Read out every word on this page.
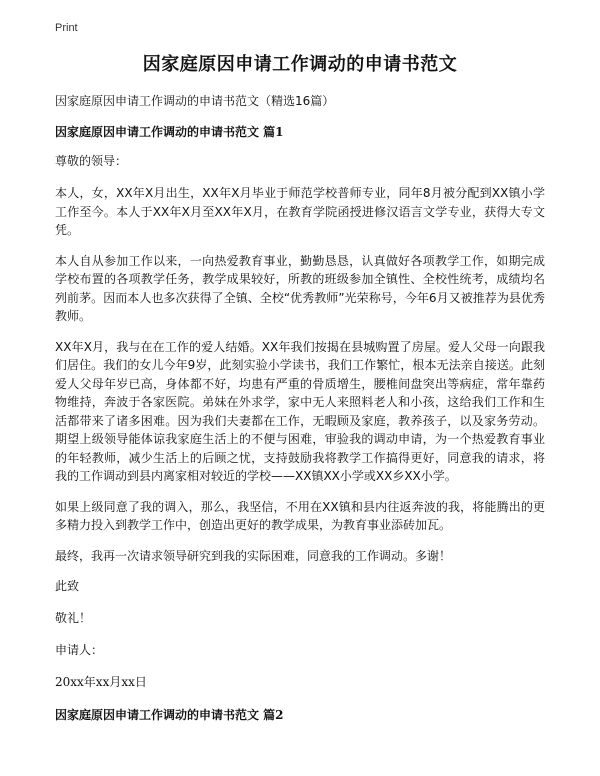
Print
因家庭原因申请工作调动的申请书范文
因家庭原因申请工作调动的申请书范文（精选16篇）
因家庭原因申请工作调动的申请书范文 篇1
尊敬的领导：
本人，女，XX年X月出生，XX年X月毕业于师范学校普师专业，同年8月被分配到XX镇小学工作至今。本人于XX年X月至XX年X月，在教育学院函授进修汉语言文学专业，获得大专文凭。
本人自从参加工作以来，一向热爱教育事业，勤勤恳恳，认真做好各项教学工作，如期完成学校布置的各项教学任务，教学成果较好，所教的班级参加全镇性、全校性统考，成绩均名列前茅。因而本人也多次获得了全镇、全校“优秀教师”光荣称号，今年6月又被推荐为县优秀教师。
XX年X月，我与在在工作的爱人结婚。XX年我们按揭在县城购置了房屋。爱人父母一向跟我们居住。我们的女儿今年9岁，此刻实验小学读书，我们工作繁忙，根本无法亲自接送。此刻爱人父母年岁已高，身体都不好，均患有严重的骨质增生，腰椎间盘突出等病症，常年靠药物维持，奔波于各家医院。弟妹在外求学，家中无人来照料老人和小孩，这给我们工作和生活都带来了诸多困难。因为我们夫妻都在工作，无暇顾及家庭，教养孩子，以及家务劳动。期望上级领导能体谅我家庭生活上的不便与困难，审验我的调动申请，为一个热爱教育事业的年轻教师，减少生活上的后顾之忧，支持鼓励我将教学工作搞得更好，同意我的请求，将我的工作调动到县内离家相对较近的学校——XX镇XX小学或XX乡XX小学。
如果上级同意了我的调入，那么，我坚信，不用在XX镇和县内往返奔波的我，将能腾出的更多精力投入到教学工作中，创造出更好的教学成果，为教育事业添砖加瓦。
最终，我再一次请求领导研究到我的实际困难，同意我的工作调动。多谢！
此致
敬礼！
申请人：
20xx年xx月xx日
因家庭原因申请工作调动的申请书范文 篇2
